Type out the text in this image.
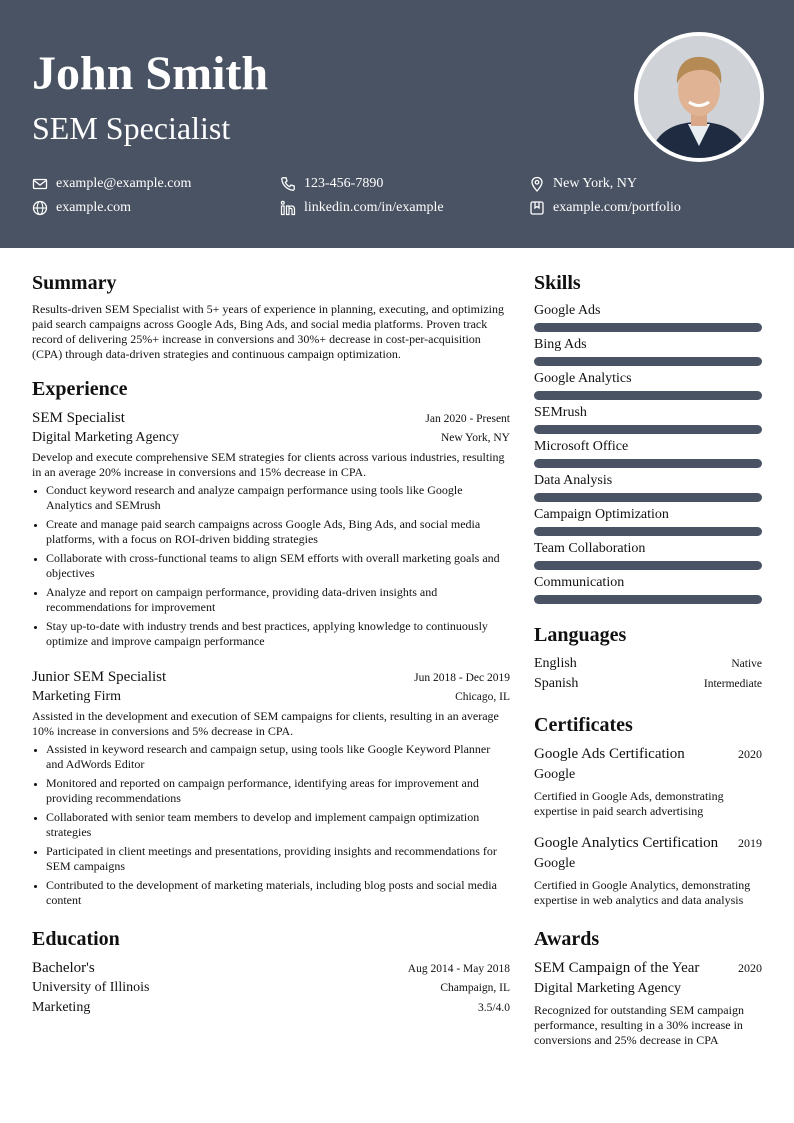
John Smith
SEM Specialist
example@example.com	123-456-7890	New York, NY
example.com	linkedin.com/in/example	example.com/portfolio
Summary

Results-driven SEM Specialist with 5+ years of experience in planning, executing, and optimizing paid search campaigns across Google Ads, Bing Ads, and social media platforms. Proven track record of delivering 25%+ increase in conversions and 30%+ decrease in cost-per-acquisition (CPA) through data-driven strategies and continuous campaign optimization.

Experience
SEM Specialist	Jan 2020 - Present
Digital Marketing Agency	New York, NY
Develop and execute comprehensive SEM strategies for clients across various industries, resulting in an average 20% increase in conversions and 15% decrease in CPA.
• Conduct keyword research and analyze campaign performance using tools like Google Analytics and SEMrush
• Create and manage paid search campaigns across Google Ads, Bing Ads, and social media platforms, with a focus on ROI-driven bidding strategies
• Collaborate with cross-functional teams to align SEM efforts with overall marketing goals and objectives
• Analyze and report on campaign performance, providing data-driven insights and recommendations for improvement
• Stay up-to-date with industry trends and best practices, applying knowledge to continuously optimize and improve campaign performance
Junior SEM Specialist	Jun 2018 - Dec 2019
Marketing Firm	Chicago, IL
Assisted in the development and execution of SEM campaigns for clients, resulting in an average 10% increase in conversions and 5% decrease in CPA.
• Assisted in keyword research and campaign setup, using tools like Google Keyword Planner and AdWords Editor
• Monitored and reported on campaign performance, identifying areas for improvement and providing recommendations
• Collaborated with senior team members to develop and implement campaign optimization strategies
• Participated in client meetings and presentations, providing insights and recommendations for SEM campaigns
• Contributed to the development of marketing materials, including blog posts and social media content
Education
Bachelor's	Aug 2014 - May 2018
University of Illinois	Champaign, IL
Marketing	3.5/4.0
Skills
Google Ads
Bing Ads
Google Analytics
SEMrush
Microsoft Office
Data Analysis
Campaign Optimization
Team Collaboration
Communication
Languages
English	Native
Spanish	Intermediate
Certificates
Google Ads Certification	2020
Google
Certified in Google Ads, demonstrating expertise in paid search advertising
Google Analytics Certification 2019
Google
Certified in Google Analytics, demonstrating expertise in web analytics and data analysis
Awards
SEM Campaign of the Year	2020
Digital Marketing Agency
Recognized for outstanding SEM campaign performance, resulting in a 30% increase in conversions and 25% decrease in CPA
